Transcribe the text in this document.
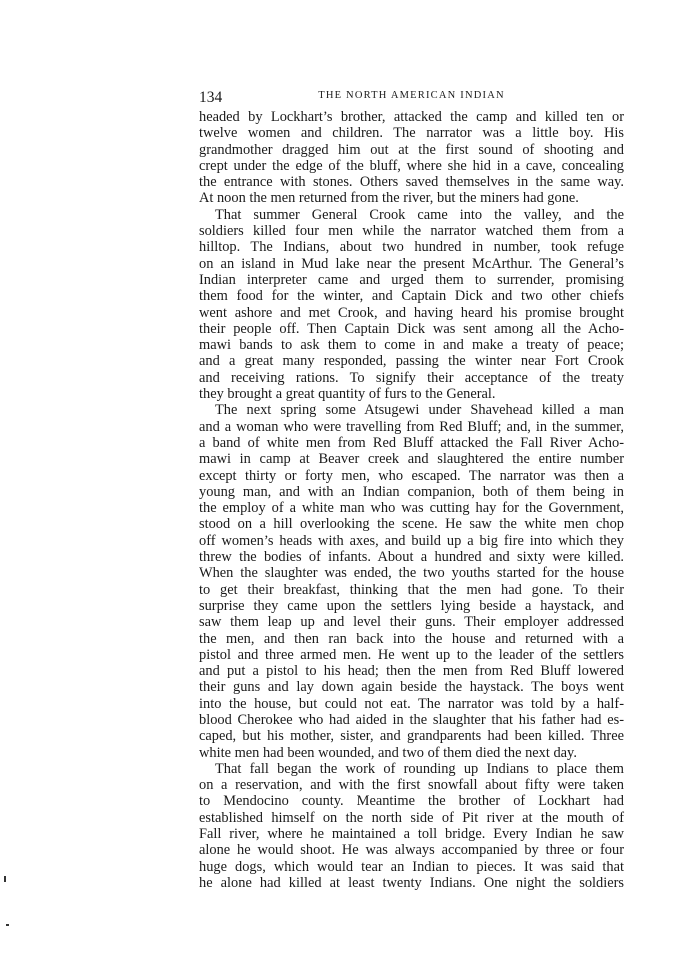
134	THE NORTH AMERICAN INDIAN

headed by Lockhart’s brother, attacked the camp and killed ten or

twelve women and children. The narrator was a little boy. His

grandmother dragged him out at the first sound of shooting and

crept under the edge of the bluff, where she hid in a cave, concealing

the entrance with stones. Others saved themselves in the same way.

At noon the men returned from the river, but the miners had gone.

That summer General Crook came into the valley, and the

soldiers killed four men while the narrator watched them from a

hilltop. The Indians, about two hundred in number, took refuge

on an island in Mud lake near the present McArthur. The General’s

Indian interpreter came and urged them to surrender, promising

them food for the winter, and Captain Dick and two other chiefs

went ashore and met Crook, and having heard his promise brought

their people off. Then Captain Dick was sent among all the Acho-

mawi bands to ask them to come in and make a treaty of peace;

and a great many responded, passing the winter near Fort Crook

and receiving rations. To signify their acceptance of the treaty

they brought a great quantity of furs to the General.

The next spring some Atsugewi under Shavehead killed a man

and a woman who were travelling from Red Bluff; and, in the summer,

a band of white men from Red Bluff attacked the Fall River Acho-

mawi in camp at Beaver creek and slaughtered the entire number

except thirty or forty men, who escaped. The narrator was then a

young man, and with an Indian companion, both of them being in

the employ of a white man who was cutting hay for the Government,

stood on a hill overlooking the scene. He saw the white men chop

off women’s heads with axes, and build up a big fire into which they

threw the bodies of infants. About a hundred and sixty were killed.

When the slaughter was ended, the two youths started for the house

to get their breakfast, thinking that the men had gone. To their

surprise they came upon the settlers lying beside a haystack, and

saw them leap up and level their guns. Their employer addressed

the men, and then ran back into the house and returned with a

pistol and three armed men. He went up to the leader of the settlers

and put a pistol to his head; then the men from Red Bluff lowered

their guns and lay down again beside the haystack. The boys went

into the house, but could not eat. The narrator was told by a half-

blood Cherokee who had aided in the slaughter that his father had es-

caped, but his mother, sister, and grandparents had been killed. Three

white men had been wounded, and two of them died the next day.

That fall began the work of rounding up Indians to place them

on a reservation, and with the first snowfall about fifty were taken

to Mendocino county. Meantime the brother of Lockhart had

established himself on the north side of Pit river at the mouth of

Fall river, where he maintained a toll bridge. Every Indian he saw

alone he would shoot. He was always accompanied by three or four

huge dogs, which would tear an Indian to pieces. It was said that

he alone had killed at least twenty Indians. One night the soldiers
